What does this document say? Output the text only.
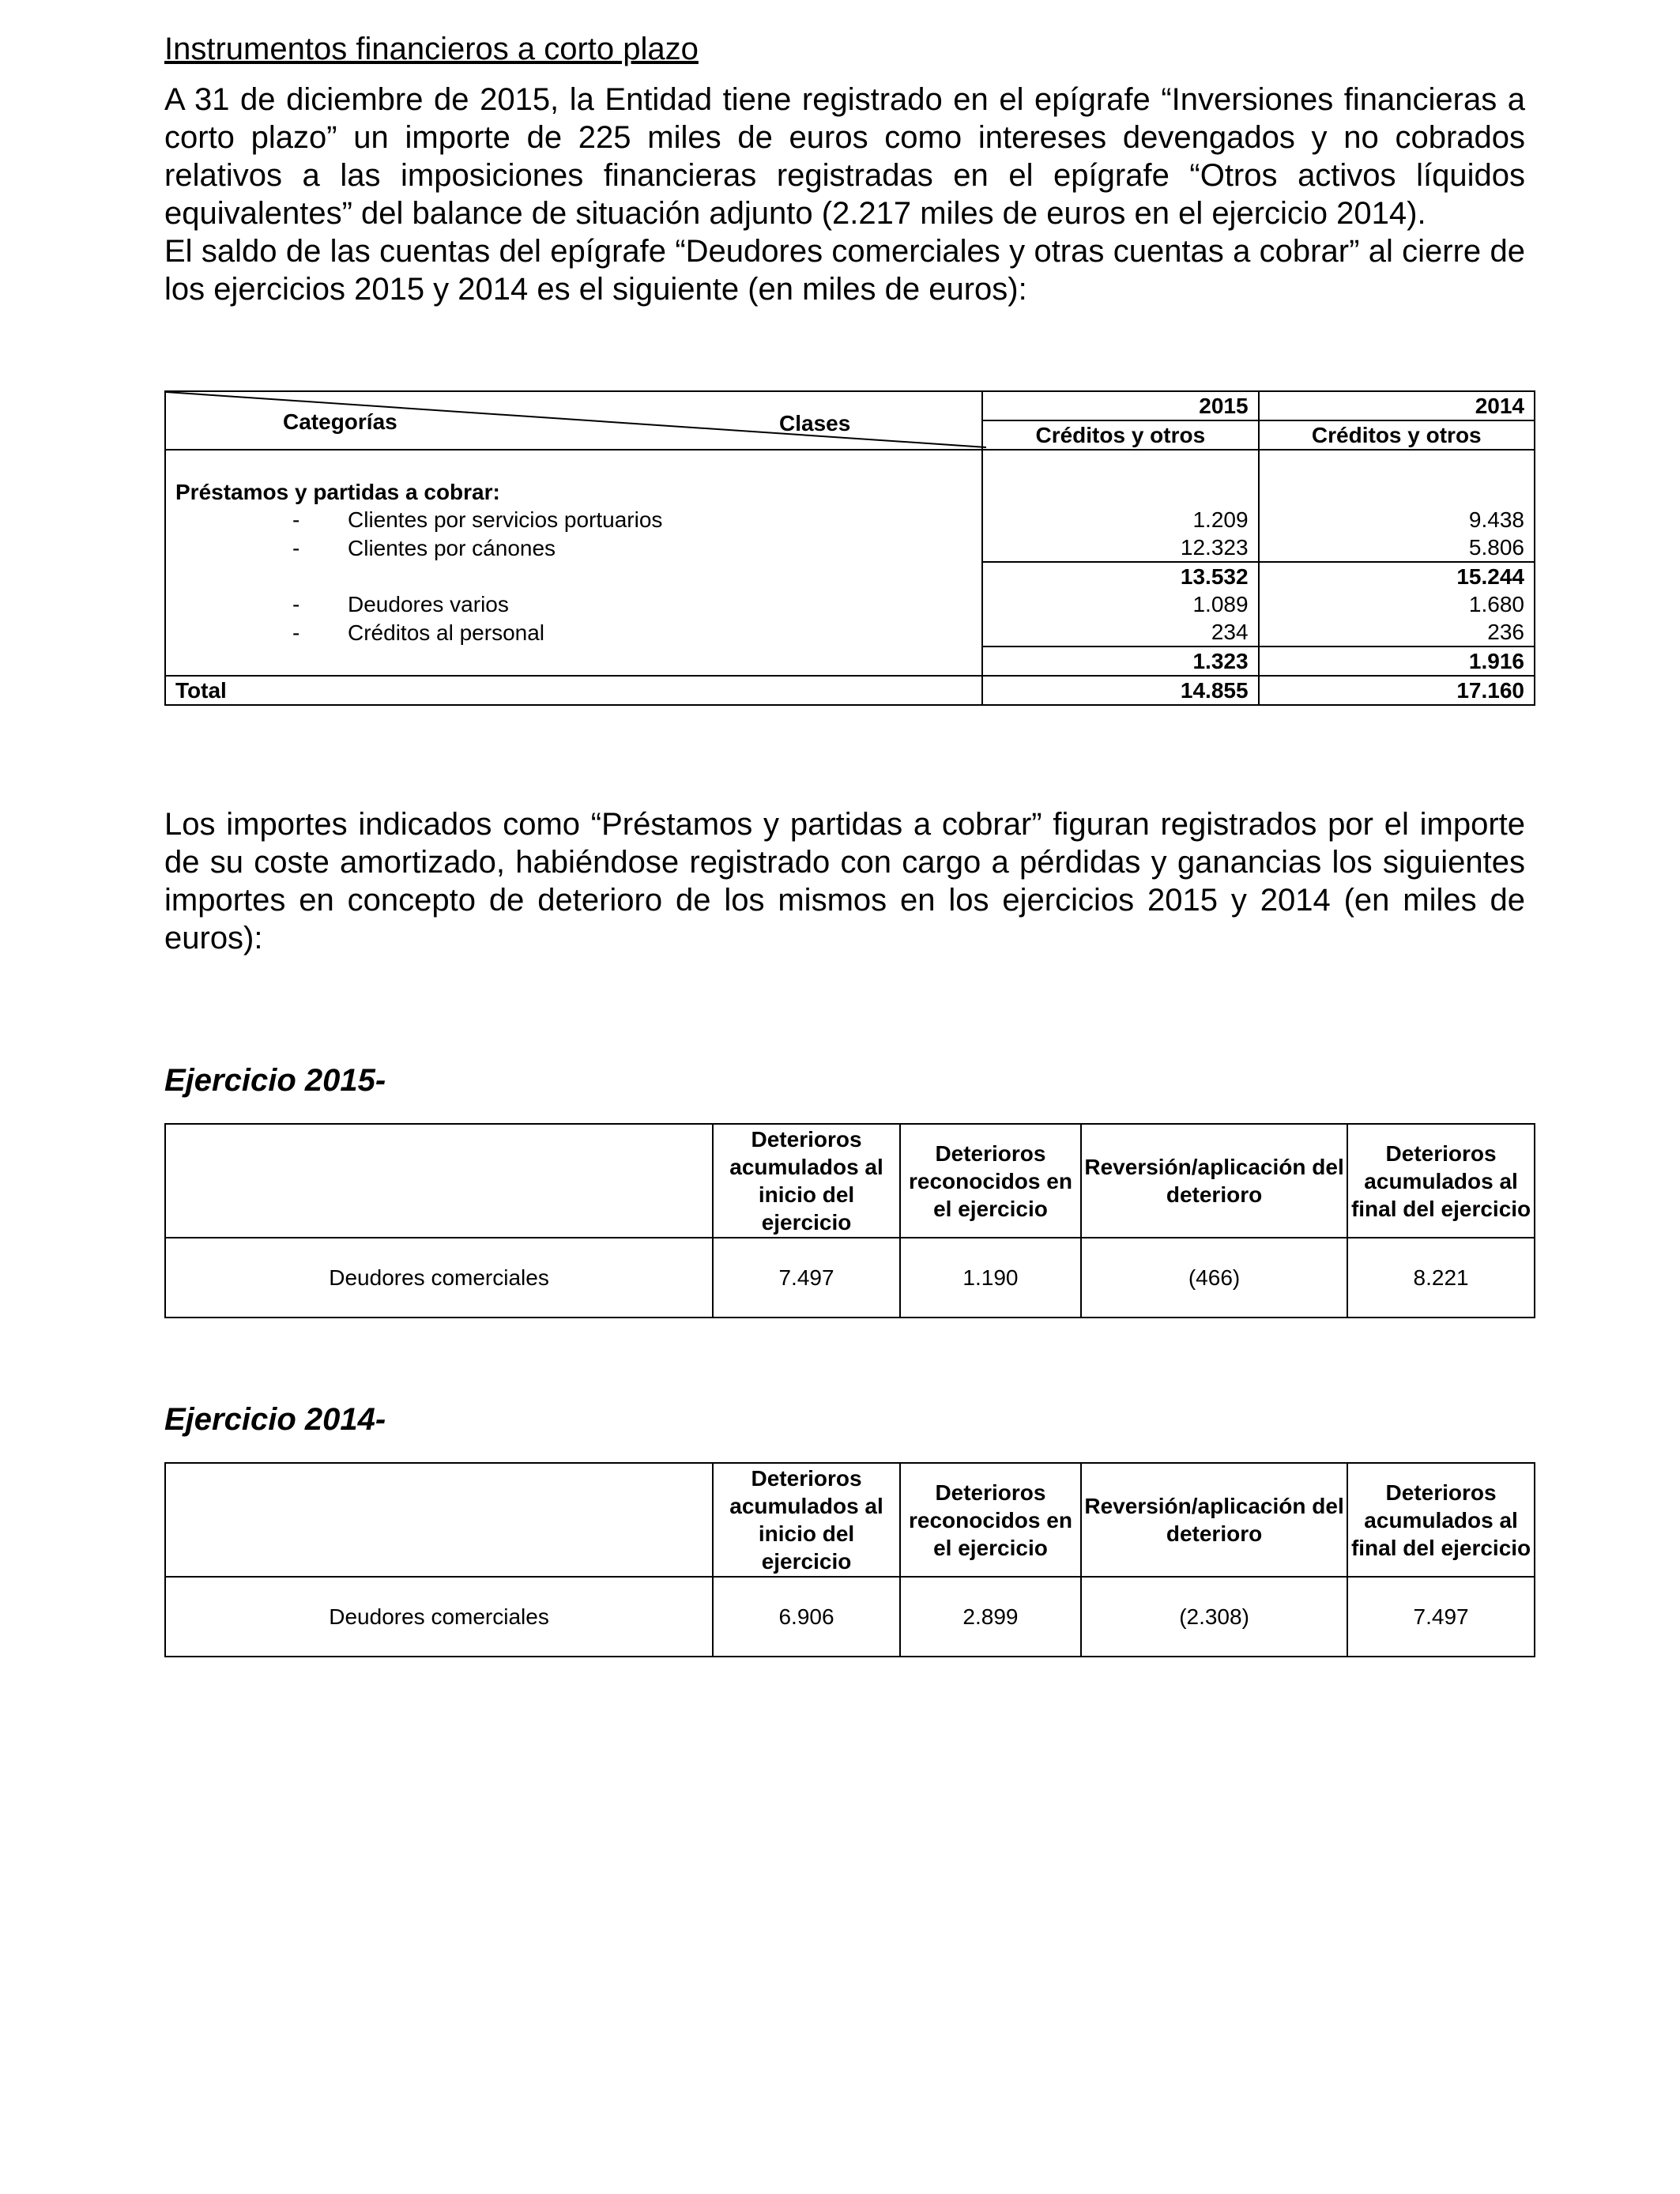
Instrumentos financieros a corto plazo

A 31 de diciembre de 2015, la Entidad tiene registrado en el epígrafe “Inversiones financieras a corto plazo” un importe de 225 miles de euros como intereses devengados y no cobrados relativos a las imposiciones financieras registradas en el epígrafe “Otros activos líquidos equivalentes” del balance de situación adjunto (2.217 miles de euros en el ejercicio 2014).

El saldo de las cuentas del epígrafe “Deudores comerciales y otras cuentas a cobrar” al cierre de los ejercicios 2015 y 2014 es el siguiente (en miles de euros):

Categorías Clases	2015	2014
	Créditos y otros	Créditos y otros

Préstamos y partidas a cobrar:		
- Clientes por servicios portuarios	1.209	9.438
- Clientes por cánones	12.323	5.806
	13.532	15.244
- Deudores varios	1.089	1.680
- Créditos al personal	234	236
	1.323	1.916
Total	14.855	17.160

Los importes indicados como “Préstamos y partidas a cobrar” figuran registrados por el importe de su coste amortizado, habiéndose registrado con cargo a pérdidas y ganancias los siguientes importes en concepto de deterioro de los mismos en los ejercicios 2015 y 2014 (en miles de euros):

Ejercicio 2015-

	Deterioros acumulados al inicio del ejercicio	Deterioros reconocidos en el ejercicio	Reversión/aplicación del deterioro	Deterioros acumulados al final del ejercicio
Deudores comerciales	7.497	1.190	(466)	8.221

Ejercicio 2014-

	Deterioros acumulados al inicio del ejercicio	Deterioros reconocidos en el ejercicio	Reversión/aplicación del deterioro	Deterioros acumulados al final del ejercicio
Deudores comerciales	6.906	2.899	(2.308)	7.497
